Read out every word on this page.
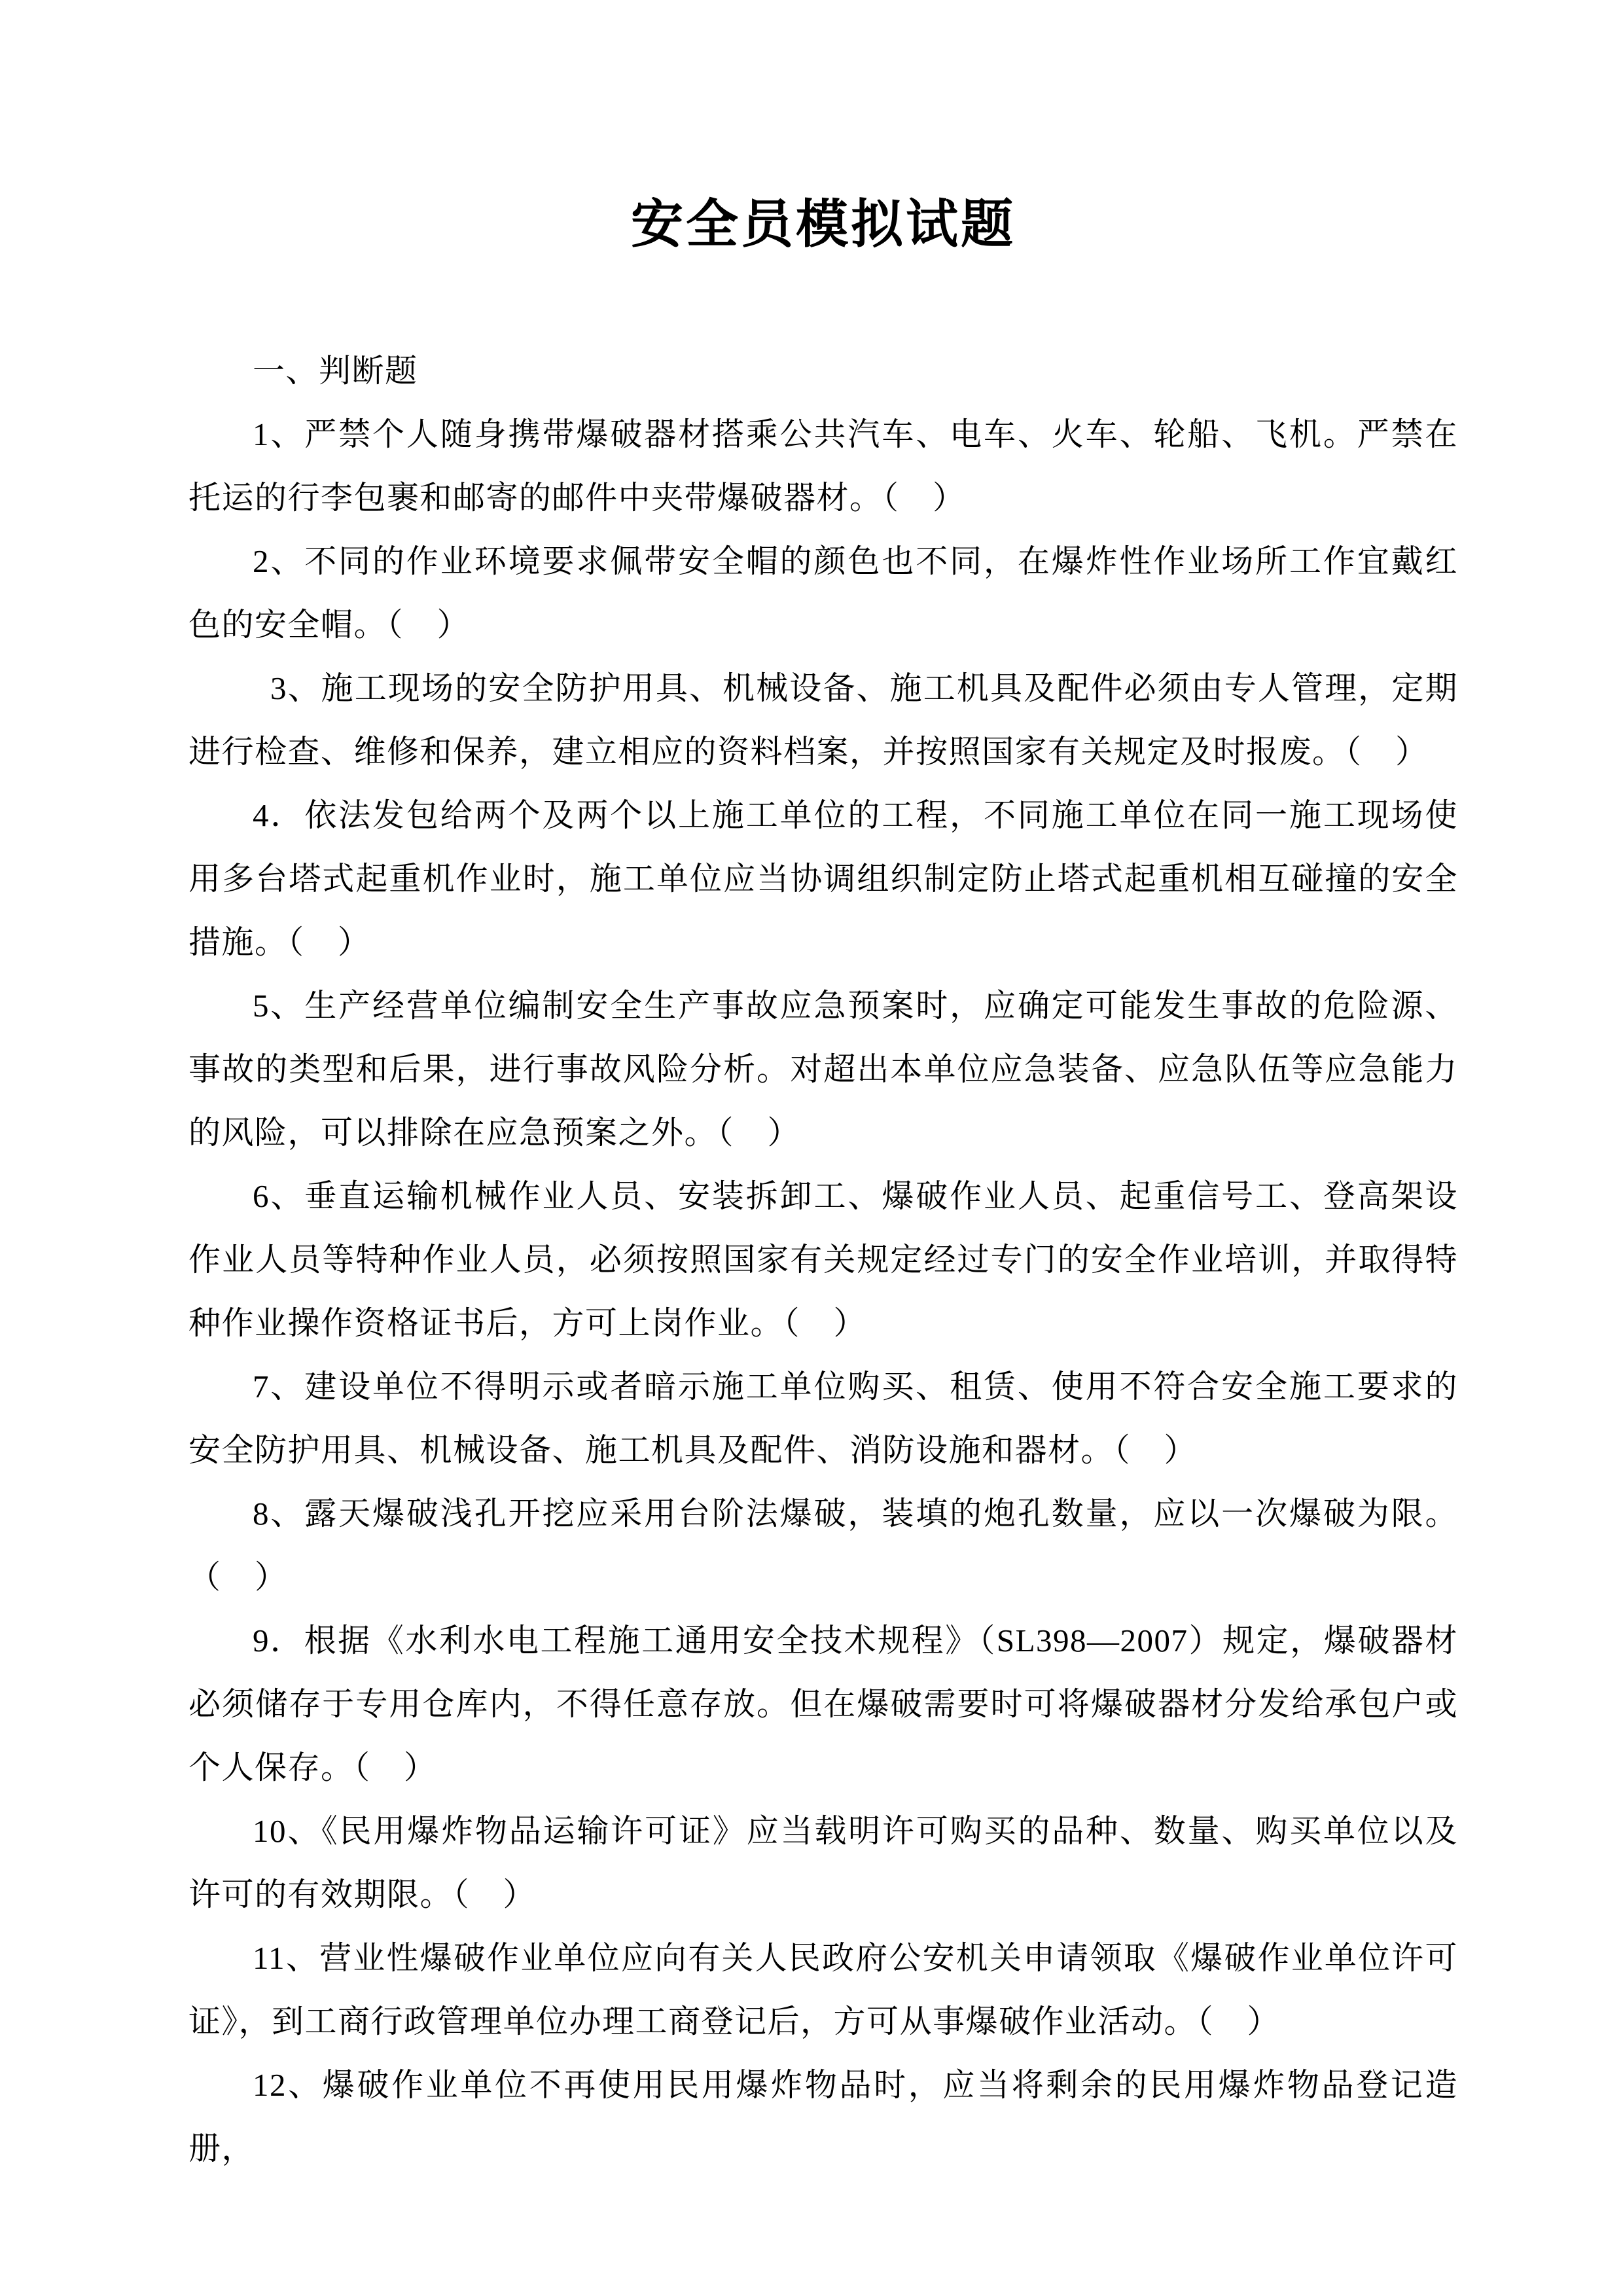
安全员模拟试题

一、判断题

1、严禁个人随身携带爆破器材搭乘公共汽车、电车、火车、轮船、飞机。严禁在托运的行李包裹和邮寄的邮件中夹带爆破器材。（　）

2、不同的作业环境要求佩带安全帽的颜色也不同，在爆炸性作业场所工作宜戴红色的安全帽。（　）

3、施工现场的安全防护用具、机械设备、施工机具及配件必须由专人管理，定期进行检查、维修和保养，建立相应的资料档案，并按照国家有关规定及时报废。（　）

4．依法发包给两个及两个以上施工单位的工程，不同施工单位在同一施工现场使用多台塔式起重机作业时，施工单位应当协调组织制定防止塔式起重机相互碰撞的安全措施。（　）

5、生产经营单位编制安全生产事故应急预案时，应确定可能发生事故的危险源、事故的类型和后果，进行事故风险分析。对超出本单位应急装备、应急队伍等应急能力的风险，可以排除在应急预案之外。（　）

6、垂直运输机械作业人员、安装拆卸工、爆破作业人员、起重信号工、登高架设作业人员等特种作业人员，必须按照国家有关规定经过专门的安全作业培训，并取得特种作业操作资格证书后，方可上岗作业。（　）

7、建设单位不得明示或者暗示施工单位购买、租赁、使用不符合安全施工要求的安全防护用具、机械设备、施工机具及配件、消防设施和器材。（　）

8、露天爆破浅孔开挖应采用台阶法爆破，装填的炮孔数量，应以一次爆破为限。（　）

9．根据《水利水电工程施工通用安全技术规程》（SL398—2007）规定，爆破器材必须储存于专用仓库内，不得任意存放。但在爆破需要时可将爆破器材分发给承包户或个人保存。（　）

10、《民用爆炸物品运输许可证》应当载明许可购买的品种、数量、购买单位以及许可的有效期限。（　）

11、营业性爆破作业单位应向有关人民政府公安机关申请领取《爆破作业单位许可证》，到工商行政管理单位办理工商登记后，方可从事爆破作业活动。（　）

12、爆破作业单位不再使用民用爆炸物品时，应当将剩余的民用爆炸物品登记造册，
